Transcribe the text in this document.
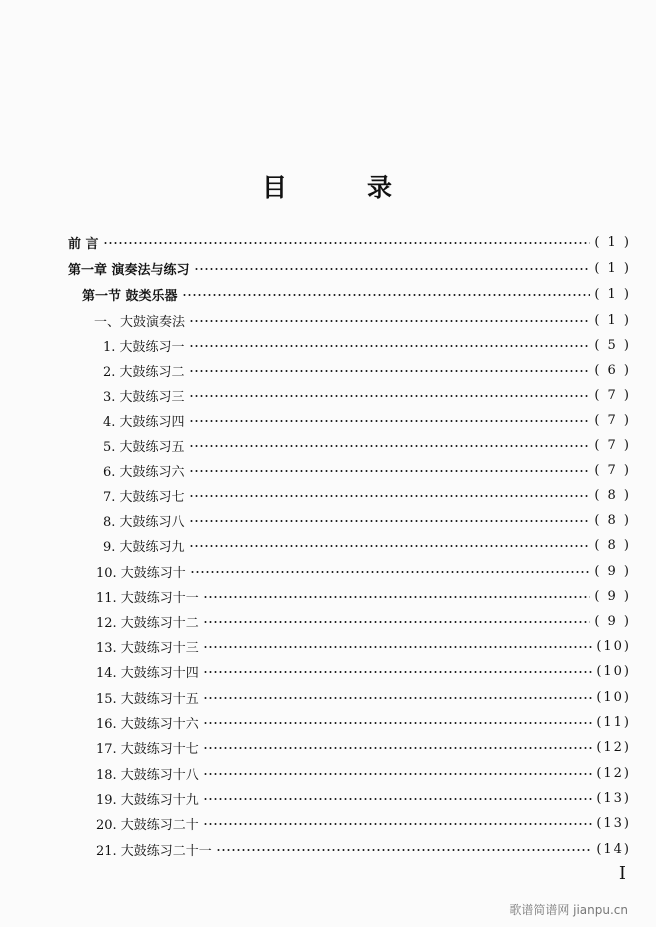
目	录
前 言	( 1 )
第一章 演奏法与练习	( 1 )
第一节 鼓类乐器	( 1 )
一、大鼓演奏法	( 1 )
1. 大鼓练习一	( 5 )
2. 大鼓练习二	( 6 )
3. 大鼓练习三	( 7 )
4. 大鼓练习四	( 7 )
5. 大鼓练习五	( 7 )
6. 大鼓练习六	( 7 )
7. 大鼓练习七	( 8 )
8. 大鼓练习八	( 8 )
9. 大鼓练习九	( 8 )
10. 大鼓练习十	( 9 )
11. 大鼓练习十一	( 9 )
12. 大鼓练习十二	( 9 )
13. 大鼓练习十三	(10)
14. 大鼓练习十四	(10)
15. 大鼓练习十五	(10)
16. 大鼓练习十六	(11)
17. 大鼓练习十七	(12)
18. 大鼓练习十八	(12)
19. 大鼓练习十九	(13)
20. 大鼓练习二十	(13)
21. 大鼓练习二十一	(14)
I
歌谱简谱网 jianpu.cn
